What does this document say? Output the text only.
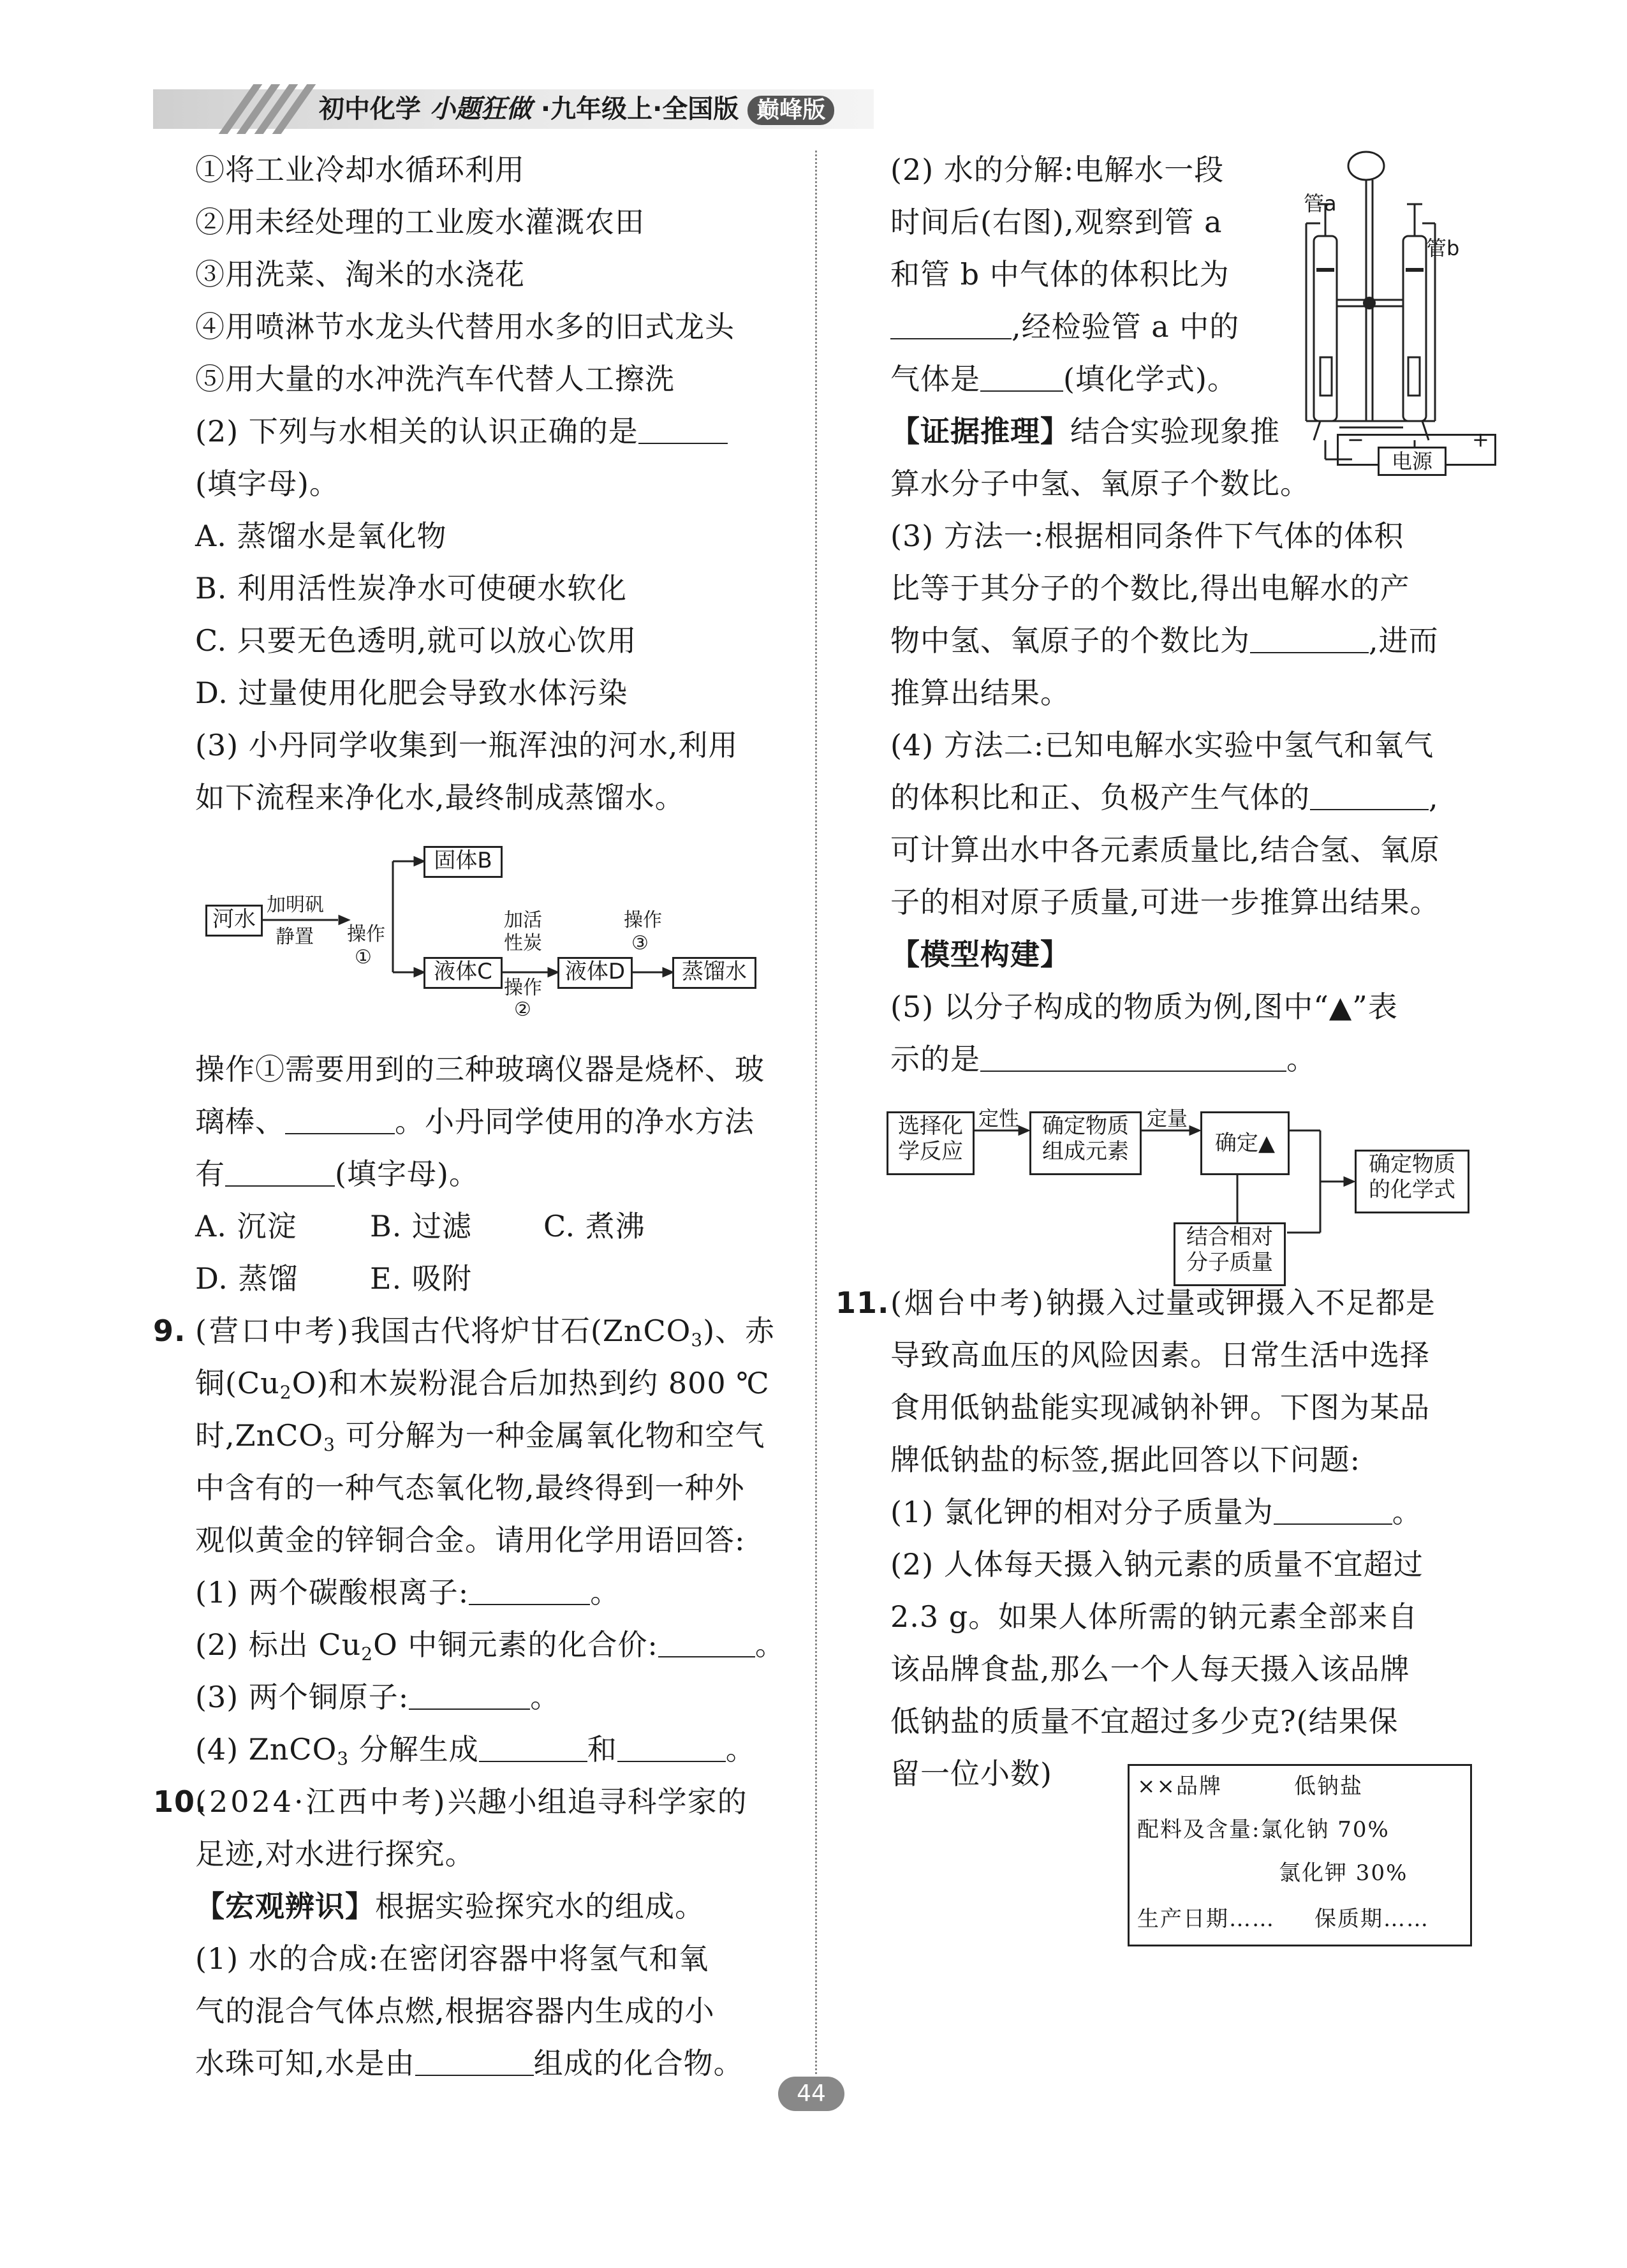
初中化学 小题狂做 ·九年级上·全国版 巅峰版
①将工业冷却水循环利用
②用未经处理的工业废水灌溉农田
③用洗菜、淘米的水浇花
④用喷淋节水龙头代替用水多的旧式龙头
⑤用大量的水冲洗汽车代替人工擦洗
(2) 下列与水相关的认识正确的是
(填字母)。
A. 蒸馏水是氧化物
B. 利用活性炭净水可使硬水软化
C. 只要无色透明,就可以放心饮用
D. 过量使用化肥会导致水体污染
(3) 小丹同学收集到一瓶浑浊的河水,利用
如下流程来净化水,最终制成蒸馏水。
河水
加明矾
静置 操作
①
固体B
液体C
加活
性炭
操作
②
液体D
操作
③
蒸馏水
操作①需要用到的三种玻璃仪器是烧杯、玻
璃棒、	。小丹同学使用的净水方法
有	(填字母)。
A. 沉淀 B. 过滤 C. 煮沸
D. 蒸馏 E. 吸附
9. (营口中考)我国古代将炉甘石(ZnCO$_3$)、赤
铜$(Cu_2O)$和木炭粉混合后加热到约 800 ℃
时,ZnCO$_3$ 可分解为一种金属氧化物和空气
中含有的一种气态氧化物,最终得到一种外
观似黄金的锌铜合金。请用化学用语回答:
(1) 两个碳酸根离子:	。
(2) 标出 $Cu_2O$ 中铜元素的化合价:	。
(3) 两个铜原子:	。
(4) ZnCO$_3$ 分解生成	和	。
10.
(2024·江西中考)兴趣小组追寻科学家的
足迹,对水进行探究。
【宏观辨识】根据实验探究水的组成。
(1) 水的合成:在密闭容器中将氢气和氧
气的混合气体点燃,根据容器内生成的小
水珠可知,水是由	组成的化合物。
(2) 水的分解:电解水一段
时间后(右图),观察到管 a
和管 b 中气体的体积比为
,经检验管 a 中的
气体是	(填化学式)。
【证据推理】结合实验现象推
算水分子中氢、氧原子个数比。
管a
管b
−	+
电源
(3) 方法一:根据相同条件下气体的体积
比等于其分子的个数比,得出电解水的产
物中氢、氧原子的个数比为	,进而
推算出结果。
(4) 方法二:已知电解水实验中氢气和氧气
的体积比和正、负极产生气体的	,
可计算出水中各元素质量比,结合氢、氧原
子的相对原子质量,可进一步推算出结果。
【模型构建】
(5) 以分子构成的物质为例,图中“▲”表
示的是	。
选择化
学反应
定性	确定物质
组成元素
定量
确定▲
结合相对
分子质量
确定物质
的化学式
11. (烟台中考)钠摄入过量或钾摄入不足都是
导致高血压的风险因素。日常生活中选择
食用低钠盐能实现减钠补钾。下图为某品
牌低钠盐的标签,据此回答以下问题:
(1) 氯化钾的相对分子质量为	。
(2) 人体每天摄入钠元素的质量不宜超过
2.3 g。如果人体所需的钠元素全部来自
该品牌食盐,那么一个人每天摄入该品牌
低钠盐的质量不宜超过多少克?(结果保
留一位小数)	××品牌	低钠盐
配料及含量:氯化钠 70%
氯化钾 30%
生产日期…… 保质期……
44
